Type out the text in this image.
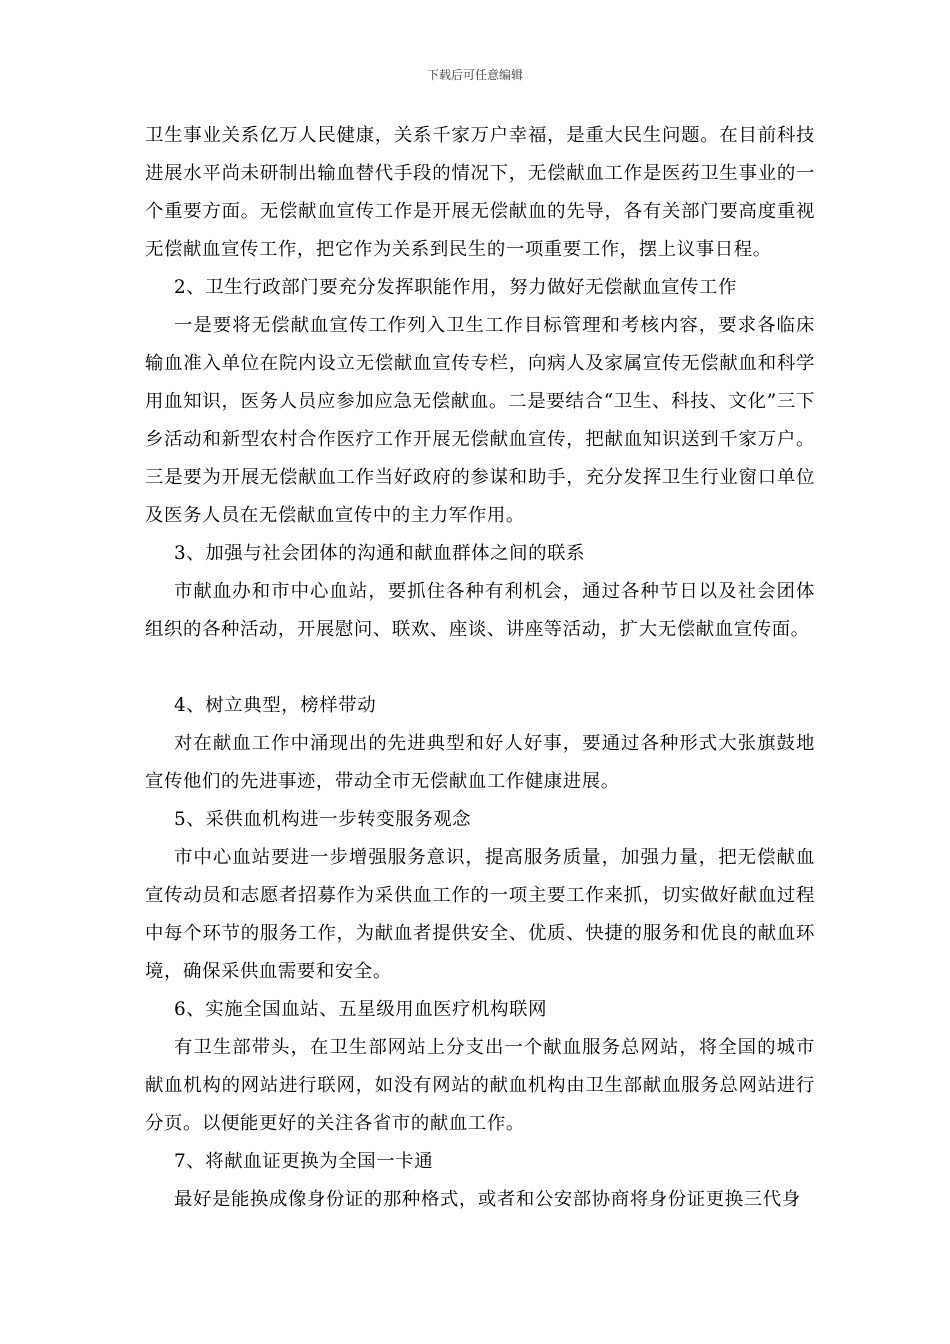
下载后可任意编辑

卫生事业关系亿万人民健康，关系千家万户幸福，是重大民生问题。在目前科技进展水平尚未研制出输血替代手段的情况下，无偿献血工作是医药卫生事业的一个重要方面。无偿献血宣传工作是开展无偿献血的先导，各有关部门要高度重视无偿献血宣传工作，把它作为关系到民生的一项重要工作，摆上议事日程。

2、卫生行政部门要充分发挥职能作用，努力做好无偿献血宣传工作

一是要将无偿献血宣传工作列入卫生工作目标管理和考核内容，要求各临床输血准入单位在院内设立无偿献血宣传专栏，向病人及家属宣传无偿献血和科学用血知识，医务人员应参加应急无偿献血。二是要结合“卫生、科技、文化”三下乡活动和新型农村合作医疗工作开展无偿献血宣传，把献血知识送到千家万户。三是要为开展无偿献血工作当好政府的参谋和助手，充分发挥卫生行业窗口单位及医务人员在无偿献血宣传中的主力军作用。

3、加强与社会团体的沟通和献血群体之间的联系

市献血办和市中心血站，要抓住各种有利机会，通过各种节日以及社会团体组织的各种活动，开展慰问、联欢、座谈、讲座等活动，扩大无偿献血宣传面。

4、树立典型，榜样带动

对在献血工作中涌现出的先进典型和好人好事，要通过各种形式大张旗鼓地宣传他们的先进事迹，带动全市无偿献血工作健康进展。

5、采供血机构进一步转变服务观念

市中心血站要进一步增强服务意识，提高服务质量，加强力量，把无偿献血宣传动员和志愿者招募作为采供血工作的一项主要工作来抓，切实做好献血过程中每个环节的服务工作，为献血者提供安全、优质、快捷的服务和优良的献血环境，确保采供血需要和安全。

6、实施全国血站、五星级用血医疗机构联网

有卫生部带头，在卫生部网站上分支出一个献血服务总网站，将全国的城市献血机构的网站进行联网，如没有网站的献血机构由卫生部献血服务总网站进行分页。以便能更好的关注各省市的献血工作。

7、将献血证更换为全国一卡通

最好是能换成像身份证的那种格式，或者和公安部协商将身份证更换三代身
